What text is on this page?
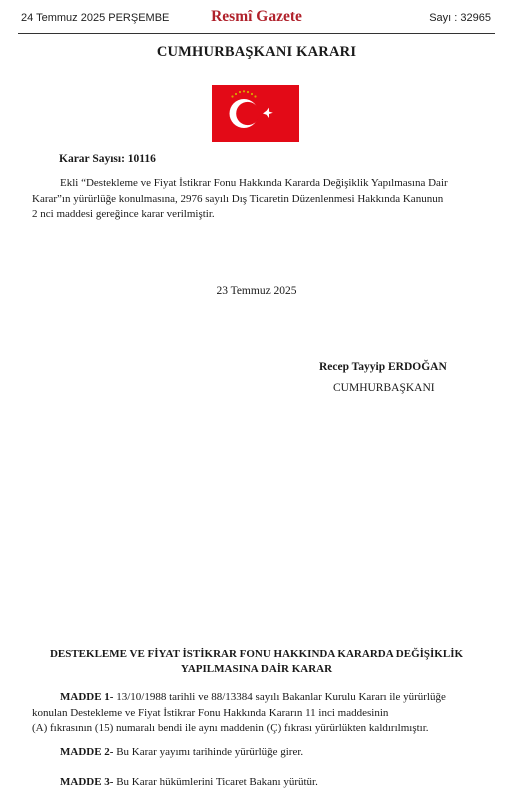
24 Temmuz 2025 PERŞEMBE	Resmî Gazete	Sayı : 32965
CUMHURBAŞKANI KARARI
Karar Sayısı: 10116
Ekli “Destekleme ve Fiyat İstikrar Fonu Hakkında Kararda Değişiklik Yapılmasına Dair
Karar”ın yürürlüğe konulmasına, 2976 sayılı Dış Ticaretin Düzenlenmesi Hakkında Kanunun
2 nci maddesi gereğince karar verilmiştir.
23 Temmuz 2025
Recep Tayyip ERDOĞAN
CUMHURBAŞKANI
DESTEKLEME VE FİYAT İSTİKRAR FONU HAKKINDA KARARDA DEĞİŞİKLİK
YAPILMASINA DAİR KARAR
MADDE 1- 13/10/1988 tarihli ve 88/13384 sayılı Bakanlar Kurulu Kararı ile yürürlüğe
konulan Destekleme ve Fiyat İstikrar Fonu Hakkında Kararın 11 inci maddesinin
(A) fıkrasının (15) numaralı bendi ile aynı maddenin (Ç) fıkrası yürürlükten kaldırılmıştır.
MADDE 2- Bu Karar yayımı tarihinde yürürlüğe girer.
MADDE 3- Bu Karar hükümlerini Ticaret Bakanı yürütür.
